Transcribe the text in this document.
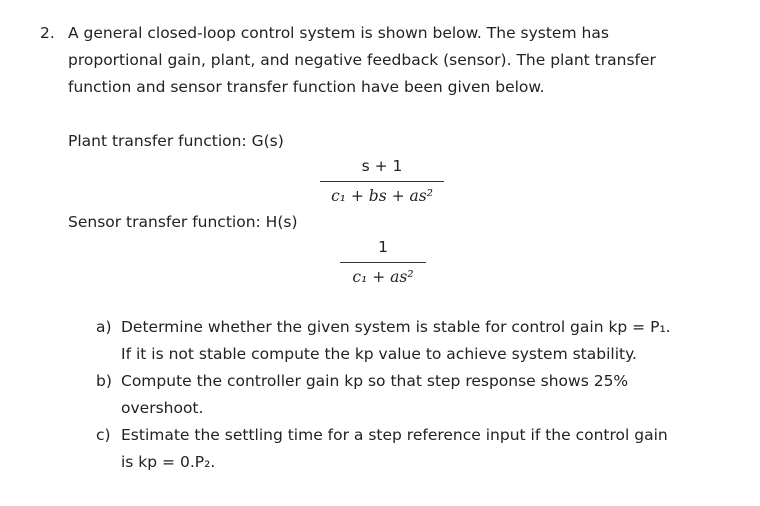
2. A general closed-loop control system is shown below. The system has
proportional gain, plant, and negative feedback (sensor). The plant transfer
function and sensor transfer function have been given below.
Plant transfer function: G(s)
s + 1
c₁ + bs + as²
Sensor transfer function: H(s)
1
c₁ + as²
a) Determine whether the given system is stable for control gain kp = P₁.
If it is not stable compute the kp value to achieve system stability.
b) Compute the controller gain kp so that step response shows 25%
overshoot.
c) Estimate the settling time for a step reference input if the control gain
is kp = 0.P₂.
